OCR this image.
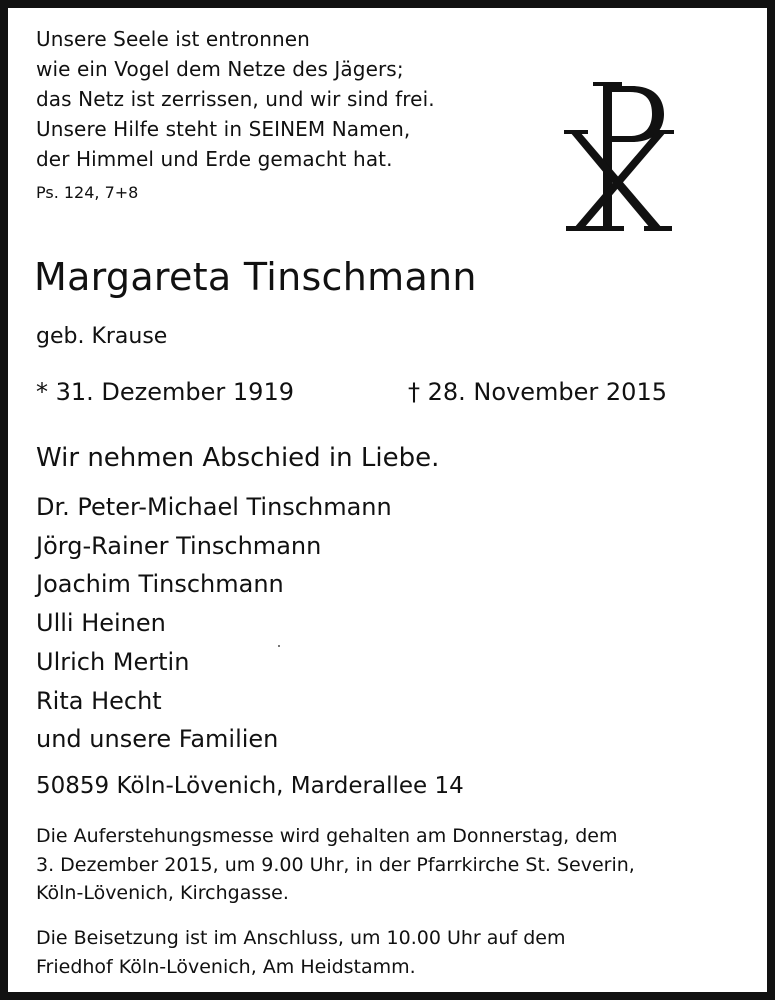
Unsere Seele ist entronnen
wie ein Vogel dem Netze des Jägers;
das Netz ist zerrissen, und wir sind frei.
Unsere Hilfe steht in SEINEM Namen,
der Himmel und Erde gemacht hat.
Ps. 124, 7+8
Margareta Tinschmann
geb. Krause
* 31. Dezember 1919	† 28. November 2015
Wir nehmen Abschied in Liebe.
Dr. Peter-Michael Tinschmann
Jörg-Rainer Tinschmann
Joachim Tinschmann
Ulli Heinen
Ulrich Mertin
Rita Hecht
und unsere Familien
50859 Köln-Lövenich, Marderallee 14
Die Auferstehungsmesse wird gehalten am Donnerstag, dem
3. Dezember 2015, um 9.00 Uhr, in der Pfarrkirche St. Severin,
Köln-Lövenich, Kirchgasse.
Die Beisetzung ist im Anschluss, um 10.00 Uhr auf dem
Friedhof Köln-Lövenich, Am Heidstamm.
